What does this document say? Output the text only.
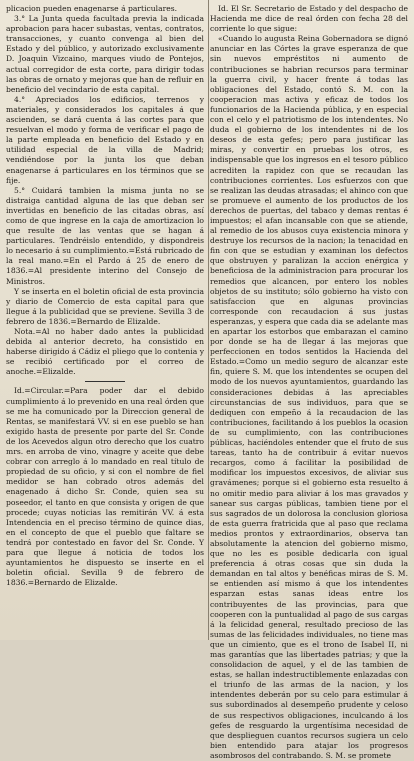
plicacion pueden enagenarse á particulares.

3.° La Junta queda facultada previa la indicada aprobacion para hacer subastas, ventas, contratos, transacciones, y cuanto convenga al bien del Estado y del público, y autorizado exclusivamente D. Joaquin Vizcaino, marques viudo de Pontejos, actual corregidor de esta corte, para dirigir todas las obras de ornato y mejoras que han de refluir en beneficio del vecindario de esta capital.

4.° Apreciados los edificios, terrenos y materiales, y considerados los capitales á que ascienden, se dará cuenta á las cortes para que resuelvan el modo y forma de verificar el pago de la parte empleada en beneficio del Estado y en utilidad especial de la villa de Madrid; vendiéndose por la junta los que deban enagenarse á particulares en los términos que se fije.

5.° Cuidará tambien la misma junta no se distraiga cantidad alguna de las que deban ser invertidas en beneficio de las citadas obras, así como de que ingrese en la caja de amortizacion lo que resulte de las ventas que se hagan á particulares. Tendréislo entendido, y dispondreis lo necesario á su cumplimiento.=Está rubricado de la real mano.=En el Pardo á 25 de enero de 1836.=Al presidente interino del Consejo de Ministros.

Y se inserta en el boletin oficial de esta provincia y diario de Comercio de esta capital para que llegue á la publicidad que se previene. Sevilla 3 de febrero de 1836.=Bernardo de Elizalde.

Nota.=Al no haber dado antes la publicidad debida al anterior decreto, ha consistido en haberse dirigido á Cádiz el pliego que lo contenia y se recibió certificado por el correo de anoche.=Elizalde.

Id.=Circular.=Para poder dar el debido cumplimiento á lo prevenido en una real órden que se me ha comunicado por la Direccion general de Rentas, se manifestará VV. si en ese pueblo se han exigido hasta de presente por parte del Sr. Conde de los Acevedos algun otro derecho que los cuatro mrs. en arroba de vino, vinagre y aceite que debe cobrar con arreglo á lo mandado en real título de propiedad de su oficio, y si con el nombre de fiel medidor se han cobrado otros además del enagenado á dicho Sr. Conde, quien sea su poseedor, el tanto en que consista y origen de que procede; cuyas noticias las remitirán VV. á esta Intendencia en el preciso término de quince dias, en el concepto de que el pueblo que faltare se tendrá por contestado en favor del Sr. Conde. Y para que llegue á noticia de todos los ayuntamientos he dispuesto se inserte en el boletin oficial. Sevilla 9 de febrero de 1836.=Bernardo de Elizalde.

Id. El Sr. Secretario de Estado y del despacho de Hacienda me dice de real órden con fecha 28 del corriente lo que sigue:

«Cuando lo augusta Reina Gobernadora se dignó anunciar en las Córtes la grave esperanza de que sin nuevos empréstitos ni aumento de contribuciones se habrian recursos para terminar la guerra civil, y hacer frente á todas las obligaciones del Estado, contó S. M. con la cooperacion mas activa y eficaz de todos los funcionarios de la Hacienda pública, y en especial con el celo y el patriotismo de los intendentes. No duda el gobierno de los intendentes ni de los deseos de esta gefes; pero para justificar las miras, y convertir en pruebas los otros, es indispensable que los ingresos en el tesoro público acrediten la rapidez con que se recaudan las contribuciones corrientes. Los esfuerzos con que se realizan las deudas atrasadas; el ahinco con que se promueve el aumento de los productos de los derechos de puertas, del tabaco y demas rentas é impuestos; el afan incansable con que se atiende, al remedio de los abusos cuya existencia minora y destruye los recursos de la nacion; la tenacidad en fin con que se estudian y examinan los defectos que obstruyen y paralizan la accion enérgica y beneficiosa de la administracion para procurar los remedios que alcancen, por entero los nobles objetos de su instituto; sólo gobierno ha visto con satisfaccion que en algunas provincias corresponde con recaudacion á sus justas esperanzas, y espera que cada dia se adelante mas en apartar los estorbos que embarazan el camino por donde se ha de llegar á las mejoras que perfeccionen en todos sentidos la Hacienda del Estado.=Como un medio seguro de alcanzar este fin, quiere S. M. que los intendentes se ocupen del modo de los nuevos ayuntamientos, guardando las consideraciones debidas á las apreciables circunstancias de sus individuos, para que se dediquen con empeño á la recaudacion de las contribuciones, facilitando á los pueblos la ocasion de su cumplimiento, con las contribuciones públicas, haciéndoles entender que el fruto de sus tareas, tanto ha de contribuir á evitar nuevos recargos, como á facilitar la posibilidad de modificar los impuestos excesivos, de aliviar sus gravámenes; porque si el gobierno esta resuelto á no omitir medio para aliviar á los mas gravados y sanear sus cargas públicas, tambien tiene por el sus sagrados de un dolorosa la conclusion gloriosa de esta guerra fratricida que al paso que reclama medios prontos y extraordinarios, observa tan absolutamente la atencion del gobierno mismo, que no les es posible dedicarla con igual preferencia á otras cosas que sin duda la demandan en tal altos y benéficas miras de S. M. se entienden así mismo á que los intendentes esparzan estas sanas ideas entre los contribuyentes de las provincias, para que cooperen con la puntualidad al pago de sus cargas á la felicidad general, resultado precioso de las sumas de las felicidades individuales, no tiene mas que un cimiento, que es el trono de Isabel II, ni mas garantías que las libertades patrias; y que la consolidacion de aquel, y el de las tambien de estas, se hallan indestructiblemente enlazadas con el triunfo de las armas de la nacion, y los intendentes deberán por su celo para estimular á sus subordinados al desempeño prudente y celoso de sus respectivos obligaciones, inculcando á los gefes de resguardo la urgentísima necesidad de que desplieguen cuantos recursos sugiera un celo bien entendido para atajar los progresos asombrosos del contrabando. S. M. se promete
